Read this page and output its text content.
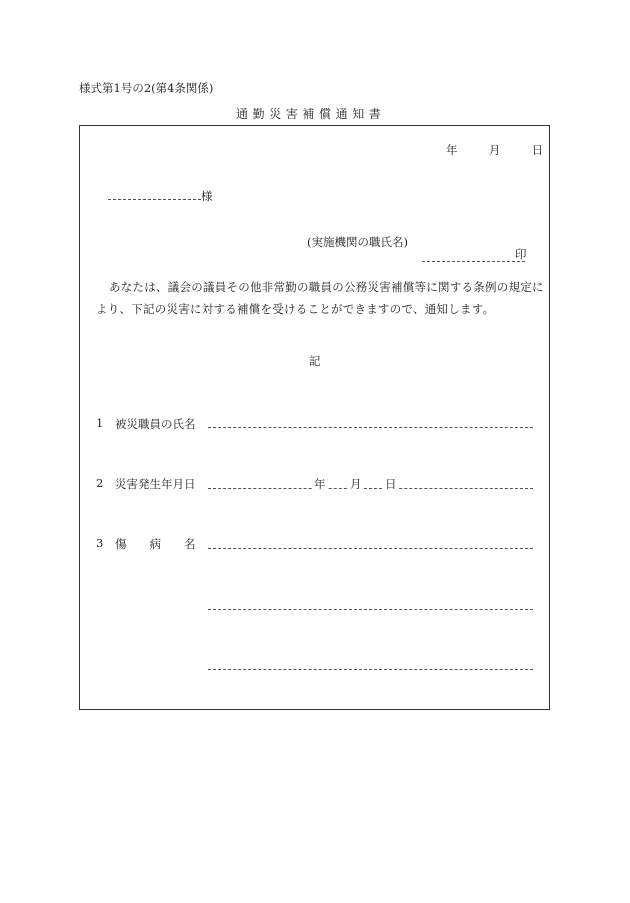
様式第1号の2(第4条関係)
通勤災害補償通知書
年	月	日
様
(実施機関の職氏名)
印
あなたは、議会の議員その他非常勤の職員の公務災害補償等に関する条例の規定により、下記の災害に対する補償を受けることができますので、通知します。
記
1 被災職員の氏名
2 災害発生年月日	年 月 日
3 傷　　病　　名
